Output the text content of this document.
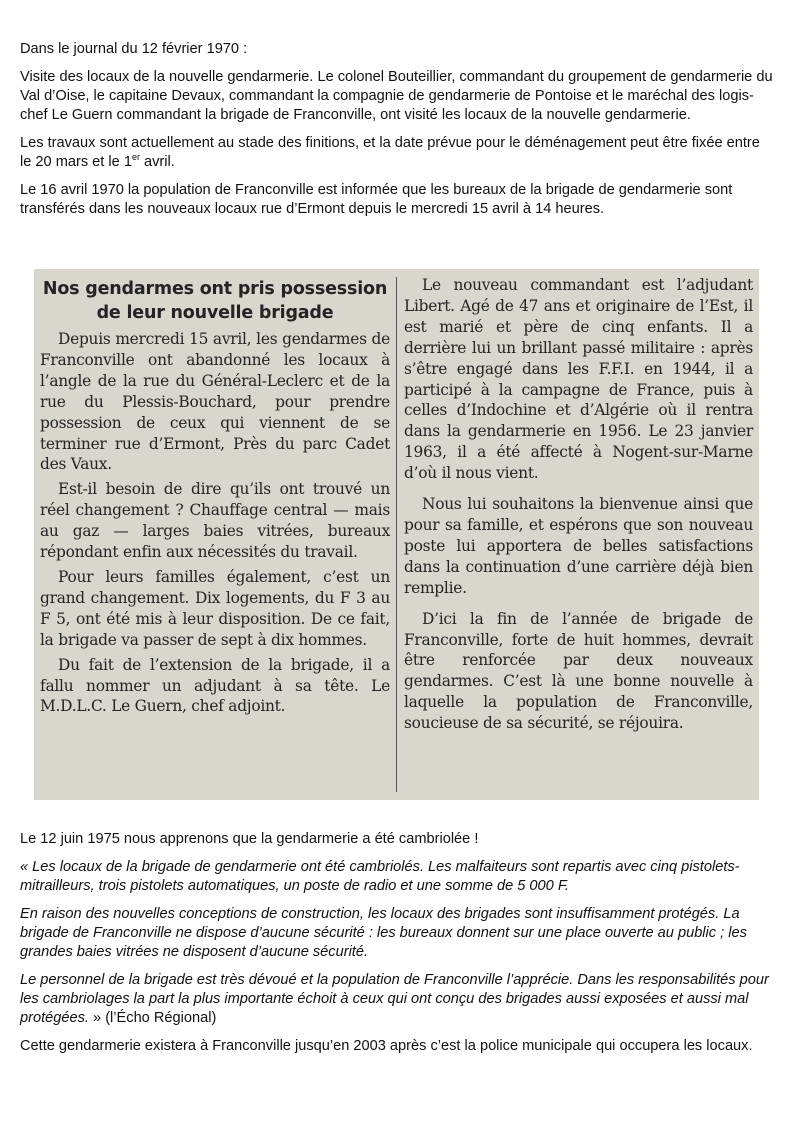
Dans le journal du 12 février 1970 :

Visite des locaux de la nouvelle gendarmerie. Le colonel Bouteillier, commandant du groupement de gendarmerie du Val d’Oise, le capitaine Devaux, commandant la compagnie de gendarmerie de Pontoise et le maréchal des logis-chef Le Guern commandant la brigade de Franconville, ont visité les locaux de la nouvelle gendarmerie.

Les travaux sont actuellement au stade des finitions, et la date prévue pour le déménagement peut être fixée entre le 20 mars et le 1er avril.

Le 16 avril 1970 la population de Franconville est informée que les bureaux de la brigade de gendarmerie sont transférés dans les nouveaux locaux rue d’Ermont depuis le mercredi 15 avril à 14 heures.

Nos gendarmes ont pris possession de leur nouvelle brigade

Depuis mercredi 15 avril, les gendarmes de Franconville ont abandonné les locaux à l’angle de la rue du Général-Leclerc et de la rue du Plessis-Bouchard, pour prendre possession de ceux qui viennent de se terminer rue d’Ermont, Près du parc Cadet des Vaux.

Est-il besoin de dire qu’ils ont trouvé un réel changement ? Chauffage central — mais au gaz — larges baies vitrées, bureaux répondant enfin aux nécessités du travail.

Pour leurs familles également, c’est un grand changement. Dix logements, du F 3 au F 5, ont été mis à leur disposition. De ce fait, la brigade va passer de sept à dix hommes.

Du fait de l’extension de la brigade, il a fallu nommer un adjudant à sa tête. Le M.D.L.C. Le Guern, chef adjoint.

Le nouveau commandant est l’adjudant Libert. Agé de 47 ans et originaire de l’Est, il est marié et père de cinq enfants. Il a derrière lui un brillant passé militaire : après s’être engagé dans les F.F.I. en 1944, il a participé à la campagne de France, puis à celles d’Indochine et d’Algérie où il rentra dans la gendarmerie en 1956. Le 23 janvier 1963, il a été affecté à Nogent-sur-Marne d’où il nous vient.

Nous lui souhaitons la bienvenue ainsi que pour sa famille, et espérons que son nouveau poste lui apportera de belles satisfactions dans la continuation d’une carrière déjà bien remplie.

D’ici la fin de l’année de brigade de Franconville, forte de huit hommes, devrait être renforcée par deux nouveaux gendarmes. C’est là une bonne nouvelle à laquelle la population de Franconville, soucieuse de sa sécurité, se réjouira.

Le 12 juin 1975 nous apprenons que la gendarmerie a été cambriolée !

« Les locaux de la brigade de gendarmerie ont été cambriolés. Les malfaiteurs sont repartis avec cinq pistolets-mitrailleurs, trois pistolets automatiques, un poste de radio et une somme de 5 000 F.

En raison des nouvelles conceptions de construction, les locaux des brigades sont insuffisamment protégés. La brigade de Franconville ne dispose d’aucune sécurité : les bureaux donnent sur une place ouverte au public ; les grandes baies vitrées ne disposent d’aucune sécurité.

Le personnel de la brigade est très dévoué et la population de Franconville l’apprécie. Dans les responsabilités pour les cambriolages la part la plus importante échoit à ceux qui ont conçu des brigades aussi exposées et aussi mal protégées. » (l’Écho Régional)

Cette gendarmerie existera à Franconville jusqu’en 2003 après c’est la police municipale qui occupera les locaux.
